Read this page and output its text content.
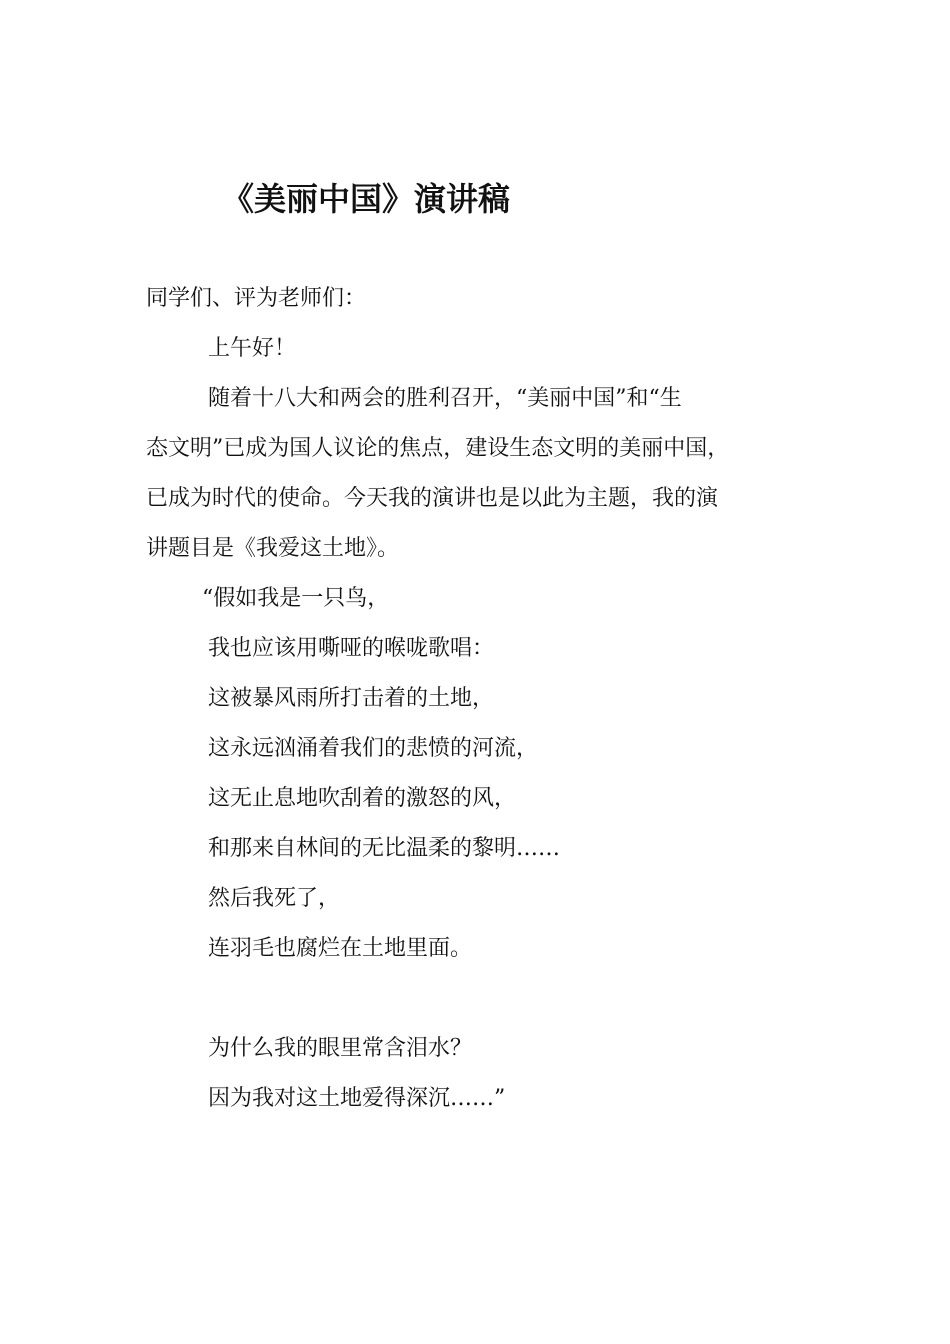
《美丽中国》演讲稿
同学们、评为老师们：
上午好！
随着十八大和两会的胜利召开，“美丽中国”和“生
态文明”已成为国人议论的焦点，建设生态文明的美丽中国，
已成为时代的使命。今天我的演讲也是以此为主题，我的演
讲题目是《我爱这土地》。
“假如我是一只鸟，
我也应该用嘶哑的喉咙歌唱：
这被暴风雨所打击着的土地，
这永远汹涌着我们的悲愤的河流，
这无止息地吹刮着的激怒的风，
和那来自林间的无比温柔的黎明……
然后我死了，
连羽毛也腐烂在土地里面。
为什么我的眼里常含泪水？
因为我对这土地爱得深沉……”
